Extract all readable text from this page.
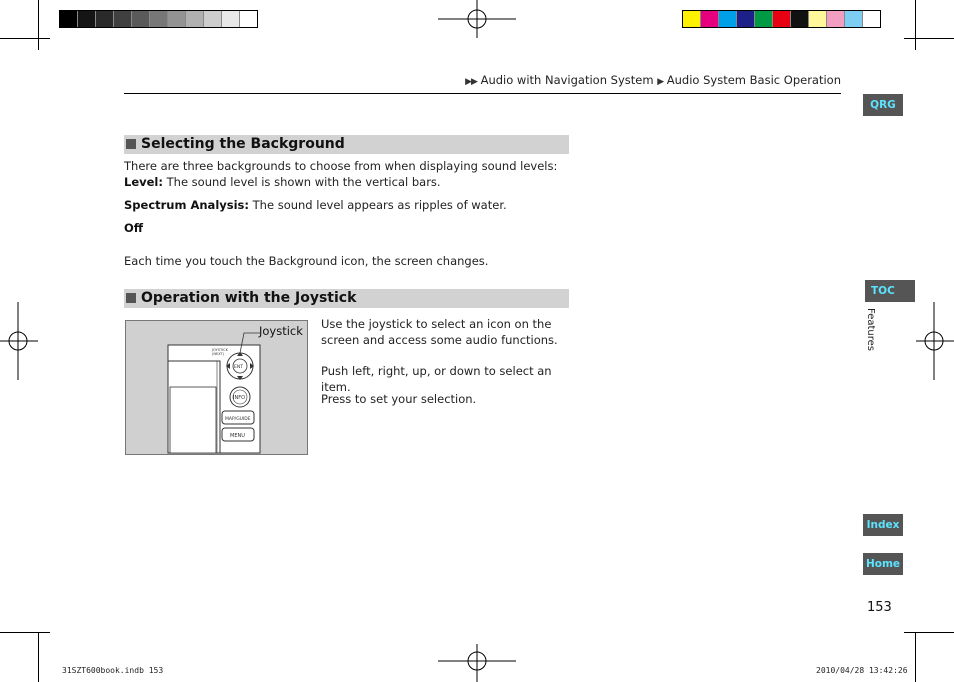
▶▶ Audio with Navigation System ▶ Audio System Basic Operation
Selecting the Background
There are three backgrounds to choose from when displaying sound levels:
Level: The sound level is shown with the vertical bars.
Spectrum Analysis: The sound level appears as ripples of water.
Off
Each time you touch the Background icon, the screen changes.
Operation with the Joystick
JOYSTICK
(NEXT)
ENT
INFO
MAP/GUIDE
MENU
Joystick Use the joystick to select an icon on the screen and access some audio functions.
Push left, right, up, or down to select an item.
Press to set your selection.
QRG
TOC
Features
Index
Home
153
31SZT600book.indb 153	2010/04/28 13:42:26
